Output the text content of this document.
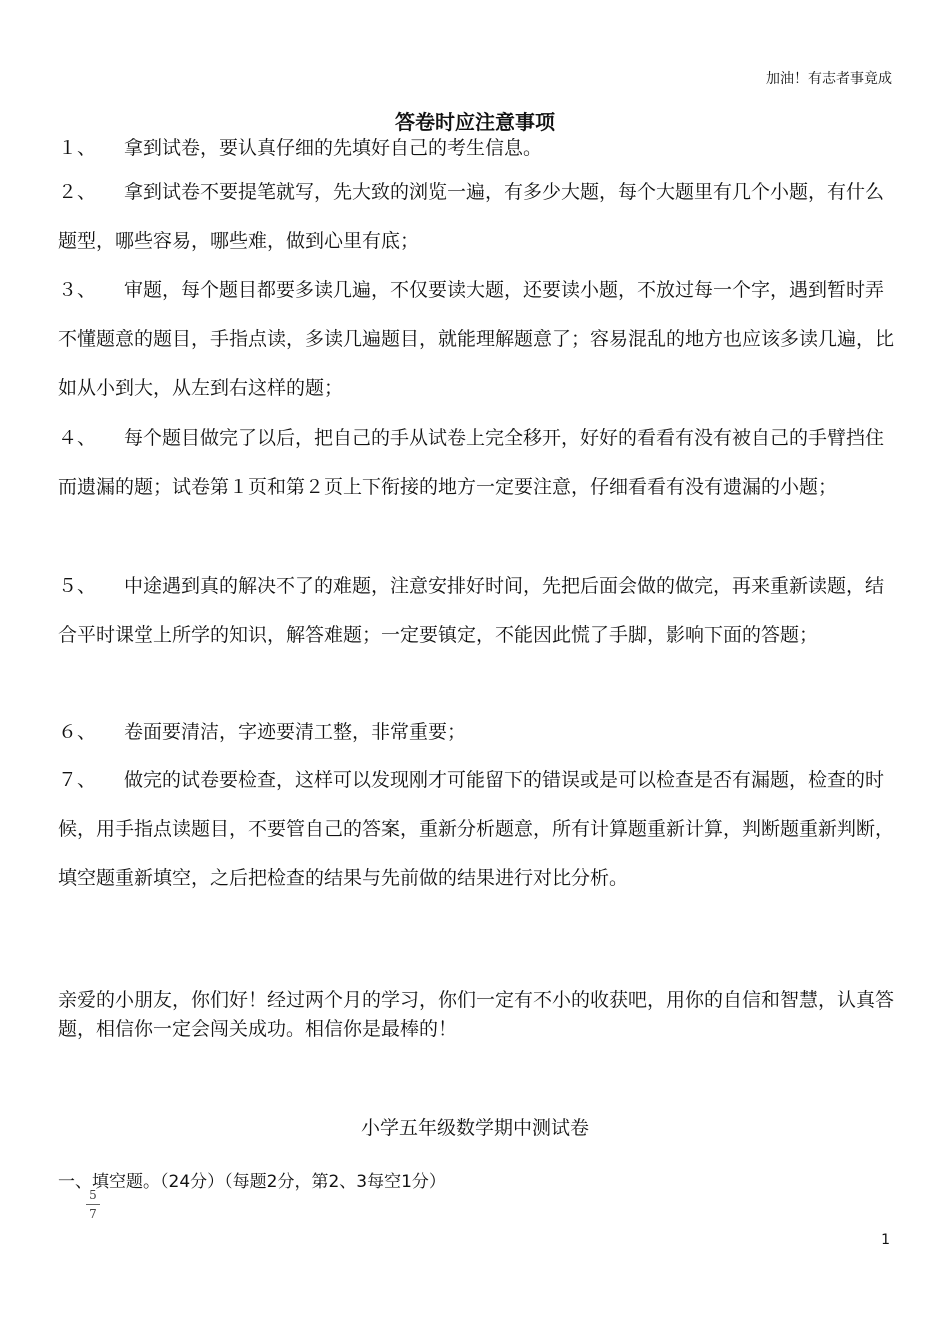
加油！有志者事竟成
答卷时应注意事项

１、 拿到试卷，要认真仔细的先填好自己的考生信息。

２、 拿到试卷不要提笔就写，先大致的浏览一遍，有多少大题，每个大题里有几个小题，有什么题型，哪些容易，哪些难，做到心里有底；

３、 审题，每个题目都要多读几遍，不仅要读大题，还要读小题，不放过每一个字，遇到暂时弄不懂题意的题目，手指点读，多读几遍题目，就能理解题意了；容易混乱的地方也应该多读几遍，比如从小到大，从左到右这样的题；

４、 每个题目做完了以后，把自己的手从试卷上完全移开，好好的看看有没有被自己的手臂挡住而遗漏的题；试卷第１页和第２页上下衔接的地方一定要注意，仔细看看有没有遗漏的小题；

５、 中途遇到真的解决不了的难题，注意安排好时间，先把后面会做的做完，再来重新读题，结合平时课堂上所学的知识，解答难题；一定要镇定，不能因此慌了手脚，影响下面的答题；

６、 卷面要清洁，字迹要清工整，非常重要；

７、 做完的试卷要检查，这样可以发现刚才可能留下的错误或是可以检查是否有漏题，检查的时候，用手指点读题目，不要管自己的答案，重新分析题意，所有计算题重新计算，判断题重新判断，填空题重新填空，之后把检查的结果与先前做的结果进行对比分析。

亲爱的小朋友，你们好！经过两个月的学习，你们一定有不小的收获吧，用你的自信和智慧，认真答题，相信你一定会闯关成功。相信你是最棒的！

小学五年级数学期中测试卷
一、填空题。（24分）（每题2分，第2、3每空1分）
5
7
1
